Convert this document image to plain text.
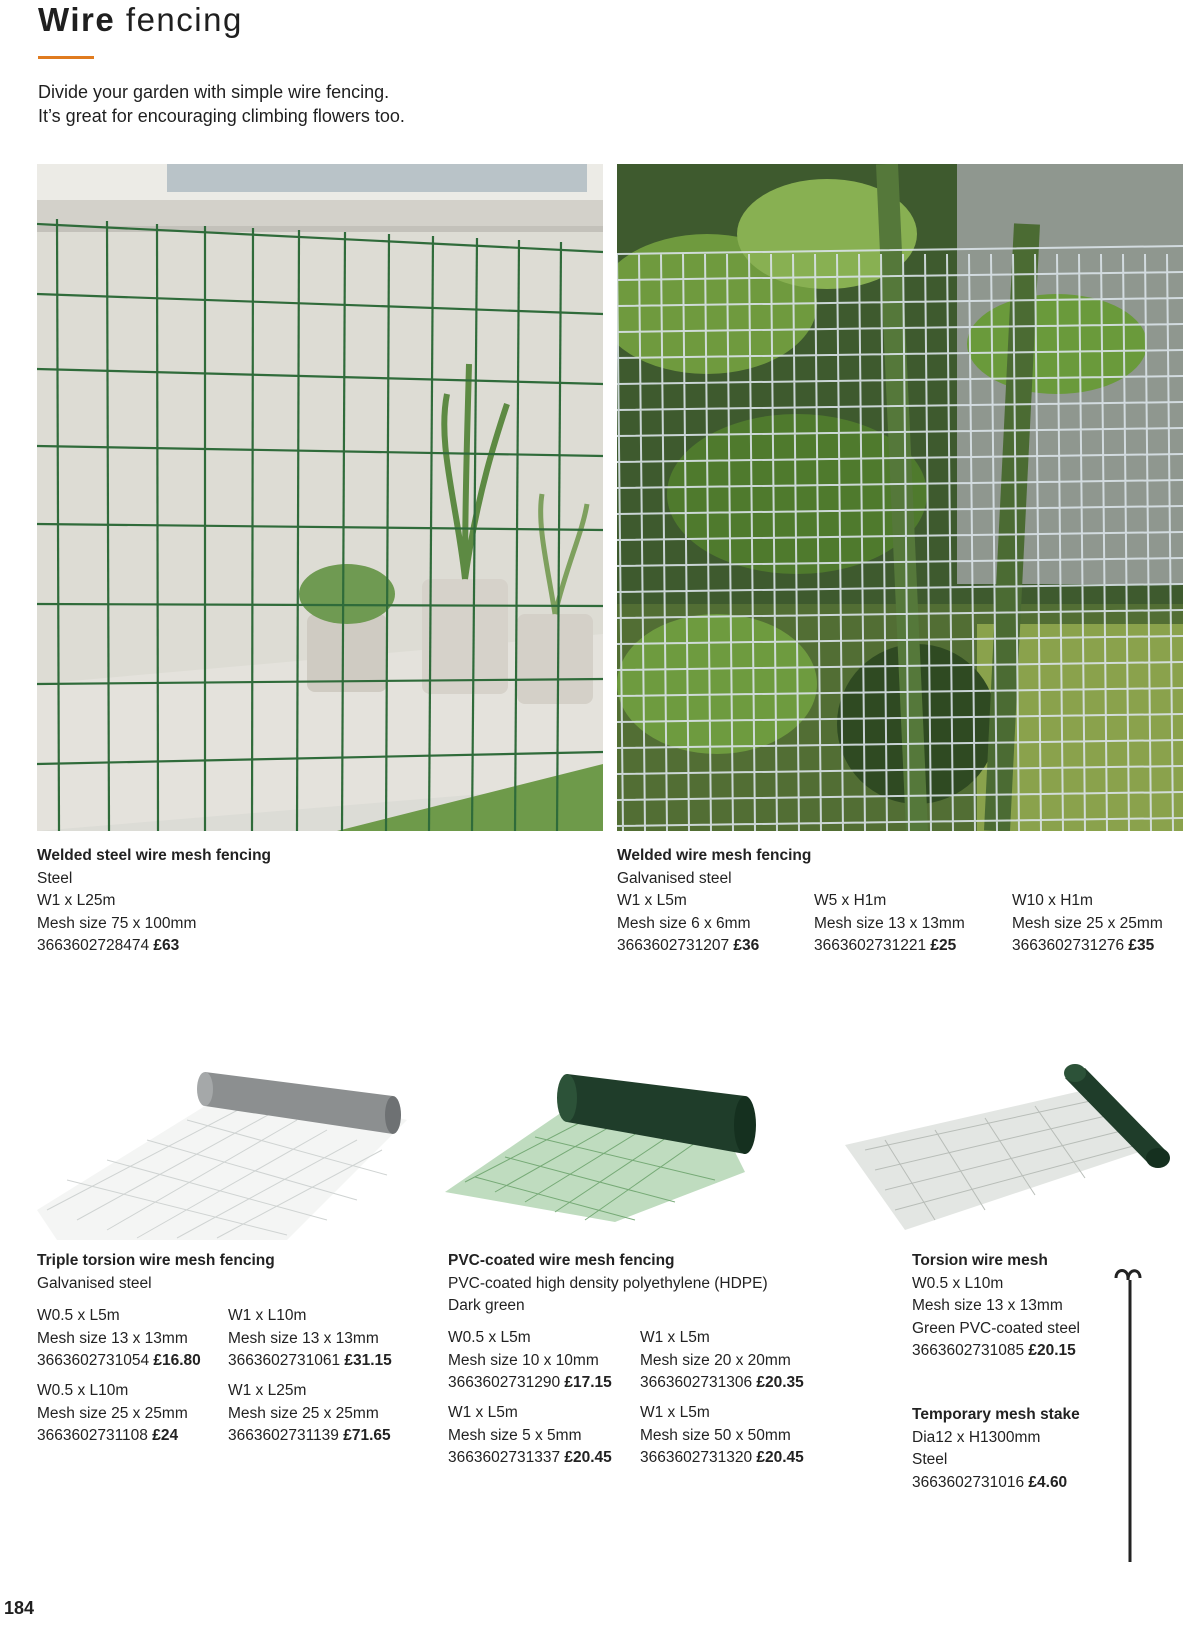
Wire fencing
Divide your garden with simple wire fencing.
It’s great for encouraging climbing flowers too.
Welded steel wire mesh fencing
Steel
W1 x L25m
Mesh size 75 x 100mm
3663602728474 £63
Welded wire mesh fencing
Galvanised steel
W1 x L5m
Mesh size 6 x 6mm
3663602731207 £36
W5 x H1m
Mesh size 13 x 13mm
3663602731221 £25
W10 x H1m
Mesh size 25 x 25mm
3663602731276 £35
Triple torsion wire mesh fencing
Galvanised steel
W0.5 x L5m
Mesh size 13 x 13mm
3663602731054 £16.80
W1 x L10m
Mesh size 13 x 13mm
3663602731061 £31.15
W0.5 x L10m
Mesh size 25 x 25mm
3663602731108 £24
W1 x L25m
Mesh size 25 x 25mm
3663602731139 £71.65
PVC-coated wire mesh fencing
PVC-coated high density polyethylene (HDPE)
Dark green
W0.5 x L5m
Mesh size 10 x 10mm
3663602731290 £17.15
W1 x L5m
Mesh size 20 x 20mm
3663602731306 £20.35
W1 x L5m
Mesh size 5 x 5mm
3663602731337 £20.45
W1 x L5m
Mesh size 50 x 50mm
3663602731320 £20.45
Torsion wire mesh
W0.5 x L10m
Mesh size 13 x 13mm
Green PVC-coated steel
3663602731085 £20.15
Temporary mesh stake
Dia12 x H1300mm
Steel
3663602731016 £4.60
184
